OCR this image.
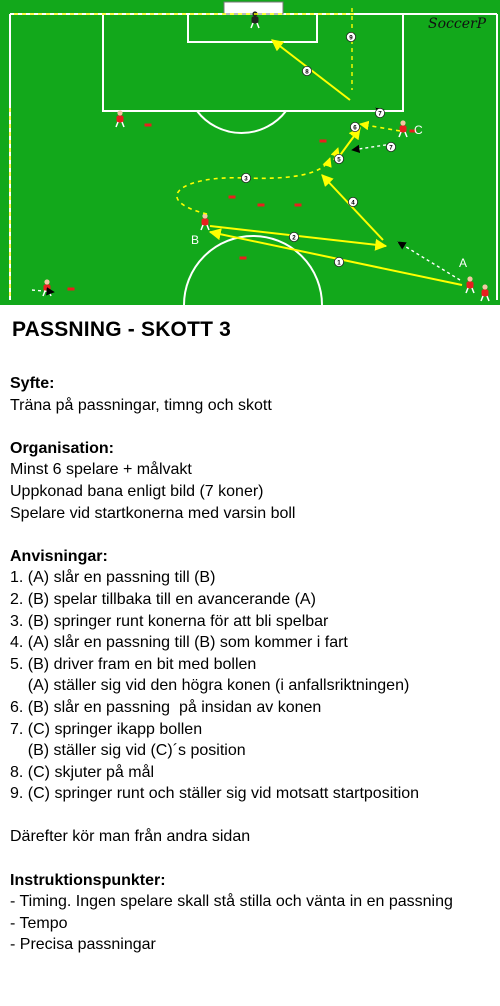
1
2
3
4
5
6
7
8
9
7
A
B
C
SoccerP
PASSNING - SKOTT 3
Syfte:
Träna på passningar, timng och skott
Organisation:
Minst 6 spelare + målvakt
Uppkonad bana enligt bild (7 koner)
Spelare vid startkonerna med varsin boll
Anvisningar:
1. (A) slår en passning till (B)
2. (B) spelar tillbaka till en avancerande (A)
3. (B) springer runt konerna för att bli spelbar
4. (A) slår en passning till (B) som kommer i fart
5. (B) driver fram en bit med bollen
(A) ställer sig vid den högra konen (i anfallsriktningen)
6. (B) slår en passning  på insidan av konen
7. (C) springer ikapp bollen
(B) ställer sig vid (C)´s position
8. (C) skjuter på mål
9. (C) springer runt och ställer sig vid motsatt startposition
Därefter kör man från andra sidan
Instruktionspunkter:
- Timing. Ingen spelare skall stå stilla och vänta in en passning
- Tempo
- Precisa passningar
